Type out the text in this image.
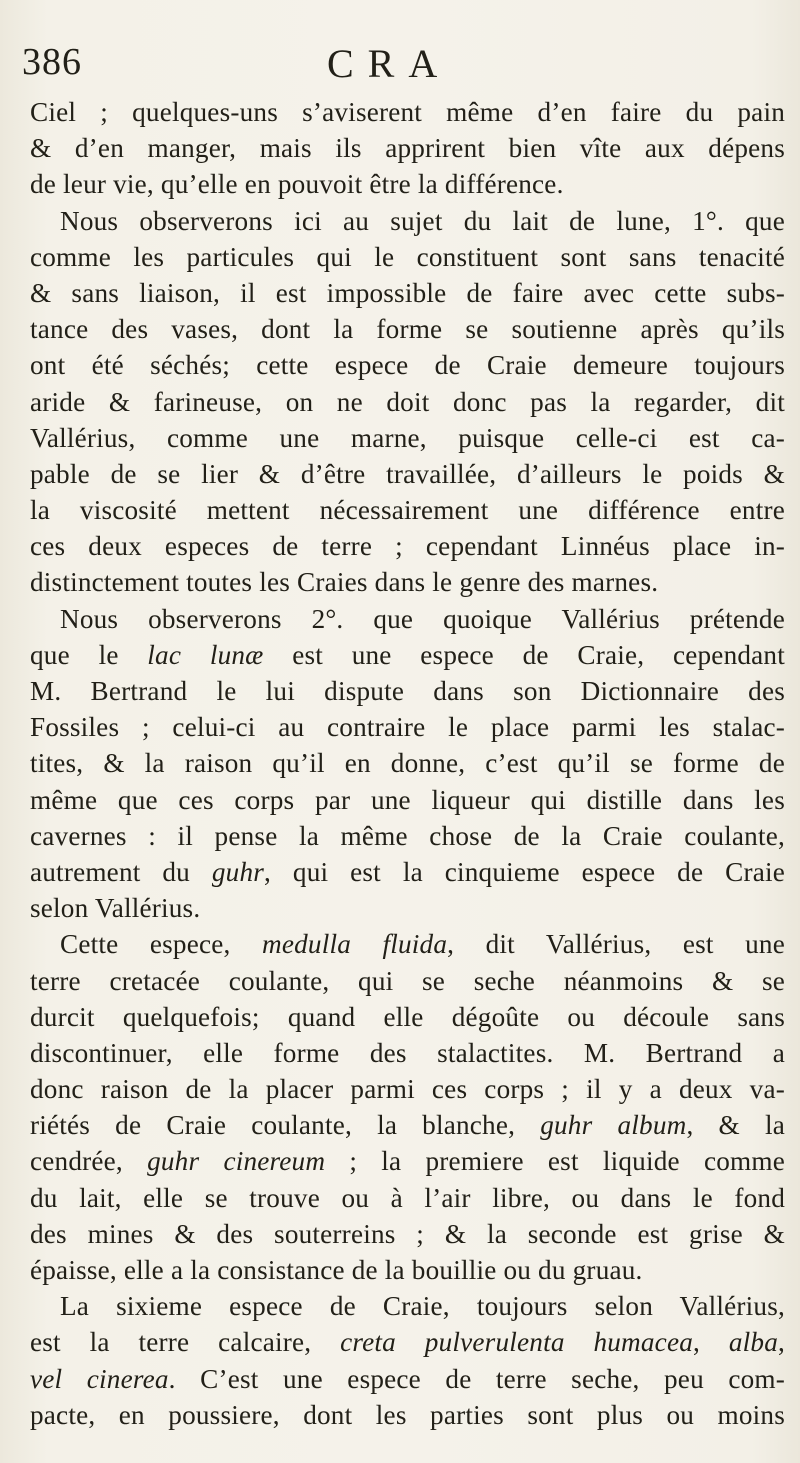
386	CRA
Ciel ; quelques-uns s’aviserent même d’en faire du pain
& d’en manger, mais ils apprirent bien vîte aux dépens
de leur vie, qu’elle en pouvoit être la différence.
Nous observerons ici au sujet du lait de lune, 1°. que
comme les particules qui le constituent sont sans tenacité
& sans liaison, il est impossible de faire avec cette subs-
tance des vases, dont la forme se soutienne après qu’ils
ont été séchés; cette espece de Craie demeure toujours
aride & farineuse, on ne doit donc pas la regarder, dit
Vallérius, comme une marne, puisque celle-ci est ca-
pable de se lier & d’être travaillée, d’ailleurs le poids &
la viscosité mettent nécessairement une différence entre
ces deux especes de terre ; cependant Linnéus place in-
distinctement toutes les Craies dans le genre des marnes.
Nous observerons 2°. que quoique Vallérius prétende
que le lac lunæ est une espece de Craie, cependant
M. Bertrand le lui dispute dans son Dictionnaire des
Fossiles ; celui-ci au contraire le place parmi les stalac-
tites, & la raison qu’il en donne, c’est qu’il se forme de
même que ces corps par une liqueur qui distille dans les
cavernes : il pense la même chose de la Craie coulante,
autrement du guhr, qui est la cinquieme espece de Craie
selon Vallérius.
Cette espece, medulla fluida, dit Vallérius, est une
terre cretacée coulante, qui se seche néanmoins & se
durcit quelquefois; quand elle dégoûte ou découle sans
discontinuer, elle forme des stalactites. M. Bertrand a
donc raison de la placer parmi ces corps ; il y a deux va-
riétés de Craie coulante, la blanche, guhr album, & la
cendrée, guhr cinereum ; la premiere est liquide comme
du lait, elle se trouve ou à l’air libre, ou dans le fond
des mines & des souterreins ; & la seconde est grise &
épaisse, elle a la consistance de la bouillie ou du gruau.
La sixieme espece de Craie, toujours selon Vallérius,
est la terre calcaire, creta pulverulenta humacea, alba,
vel cinerea. C’est une espece de terre seche, peu com-
pacte, en poussiere, dont les parties sont plus ou moins
